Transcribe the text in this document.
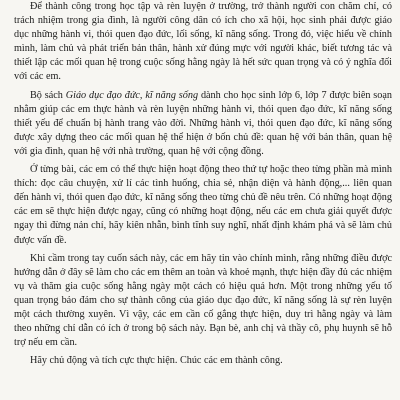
Để thành công trong học tập và rèn luyện ở trường, trở thành người con chăm chỉ, có trách nhiệm trong gia đình, là người công dân có ích cho xã hội, học sinh phải được giáo dục những hành vi, thói quen đạo đức, lối sống, kĩ năng sống. Trong đó, việc hiểu về chính mình, làm chủ và phát triển bản thân, hành xử đúng mực với người khác, biết tương tác và thiết lập các mối quan hệ trong cuộc sống hằng ngày là hết sức quan trọng và có ý nghĩa đối với các em.

Bộ sách Giáo dục đạo đức, kĩ năng sống dành cho học sinh lớp 6, lớp 7 được biên soạn nhằm giúp các em thực hành và rèn luyện những hành vi, thói quen đạo đức, kĩ năng sống thiết yếu để chuẩn bị hành trang vào đời. Những hành vi, thói quen đạo đức, kĩ năng sống được xây dựng theo các mối quan hệ thể hiện ở bốn chủ đề: quan hệ với bản thân, quan hệ với gia đình, quan hệ với nhà trường, quan hệ với cộng đồng.

Ở từng bài, các em có thể thực hiện hoạt động theo thứ tự hoặc theo từng phần mà mình thích: đọc câu chuyện, xử lí các tình huống, chia sẻ, nhận diện và hành động,... liên quan đến hành vi, thói quen đạo đức, kĩ năng sống theo từng chủ đề nêu trên. Có những hoạt động các em sẽ thực hiện được ngay, cũng có những hoạt động, nếu các em chưa giải quyết được ngay thì đừng nản chí, hãy kiên nhẫn, bình tĩnh suy nghĩ, nhất định khám phá và sẽ làm chủ được vấn đề.

Khi cầm trong tay cuốn sách này, các em hãy tin vào chính mình, rằng những điều được hướng dẫn ở đây sẽ làm cho các em thêm an toàn và khoẻ mạnh, thực hiện đầy đủ các nhiệm vụ và thăm gia cuộc sống hằng ngày một cách có hiệu quả hơn. Một trong những yếu tố quan trọng bảo đảm cho sự thành công của giáo dục đạo đức, kĩ năng sống là sự rèn luyện một cách thường xuyên. Vì vậy, các em cần cố gắng thực hiện, duy trì hằng ngày và làm theo những chỉ dẫn có ích ở trong bộ sách này. Bạn bè, anh chị và thầy cô, phụ huynh sẽ hỗ trợ nếu em cần.

Hãy chủ động và tích cực thực hiện. Chúc các em thành công.
